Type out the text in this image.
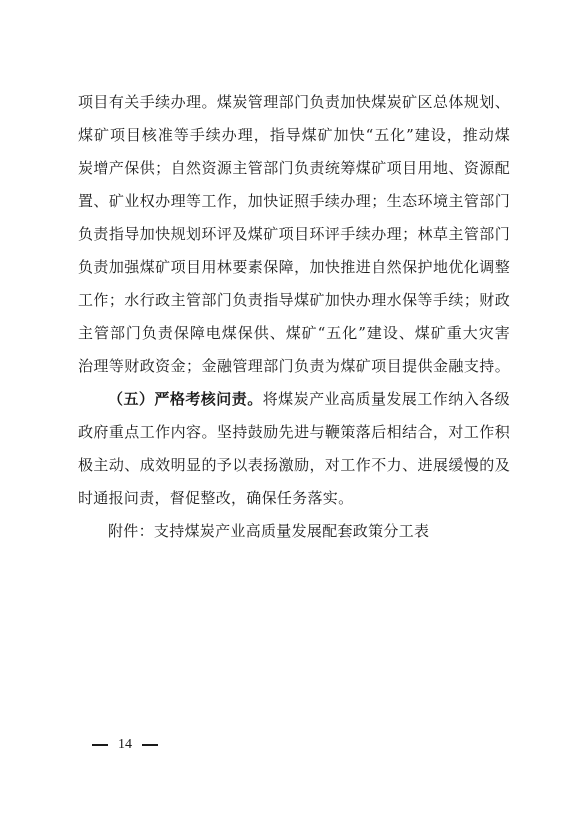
项目有关手续办理。煤炭管理部门负责加快煤炭矿区总体规划、
煤矿项目核准等手续办理，指导煤矿加快“五化”建设，推动煤
炭增产保供；自然资源主管部门负责统筹煤矿项目用地、资源配
置、矿业权办理等工作，加快证照手续办理；生态环境主管部门
负责指导加快规划环评及煤矿项目环评手续办理；林草主管部门
负责加强煤矿项目用林要素保障，加快推进自然保护地优化调整
工作；水行政主管部门负责指导煤矿加快办理水保等手续；财政
主管部门负责保障电煤保供、煤矿“五化”建设、煤矿重大灾害
治理等财政资金；金融管理部门负责为煤矿项目提供金融支持。
（五）严格考核问责。将煤炭产业高质量发展工作纳入各级
政府重点工作内容。坚持鼓励先进与鞭策落后相结合，对工作积
极主动、成效明显的予以表扬激励，对工作不力、进展缓慢的及
时通报问责，督促整改，确保任务落实。
附件：支持煤炭产业高质量发展配套政策分工表
14
